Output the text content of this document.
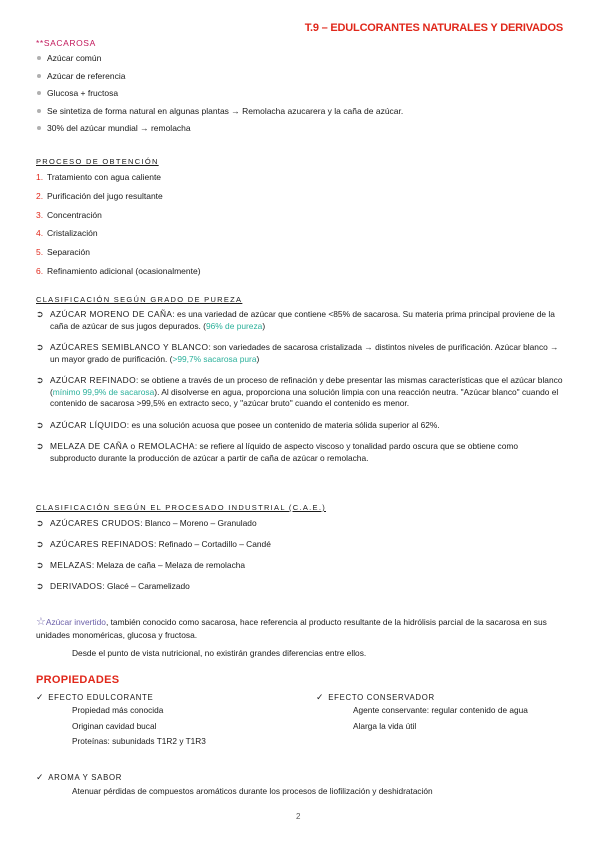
T.9 – EDULCORANTES NATURALES Y DERIVADOS
**SACAROSA
Azúcar común
Azúcar de referencia
Glucosa + fructosa
Se sintetiza de forma natural en algunas plantas → Remolacha azucarera y la caña de azúcar.
30% del azúcar mundial → remolacha
PROCESO DE OBTENCIÓN
1. Tratamiento con agua caliente
2. Purificación del jugo resultante
3. Concentración
4. Cristalización
5. Separación
6. Refinamiento adicional (ocasionalmente)
CLASIFICACIÓN SEGÚN GRADO DE PUREZA
➲ AZÚCAR MORENO DE CAÑA: es una variedad de azúcar que contiene <85% de sacarosa. Su materia prima principal proviene de la caña de azúcar de sus jugos depurados. (96% de pureza)
➲ AZÚCARES SEMIBLANCO Y BLANCO: son variedades de sacarosa cristalizada → distintos niveles de purificación. Azúcar blanco → un mayor grado de purificación. (>99,7% sacarosa pura)
➲ AZÚCAR REFINADO: se obtiene a través de un proceso de refinación y debe presentar las mismas características que el azúcar blanco (mínimo 99,9% de sacarosa). Al disolverse en agua, proporciona una solución limpia con una reacción neutra. "Azúcar blanco" cuando el contenido de sacarosa >99,5% en extracto seco, y "azúcar bruto" cuando el contenido es menor.
➲ AZÚCAR LÍQUIDO: es una solución acuosa que posee un contenido de materia sólida superior al 62%.
➲ MELAZA DE CAÑA o REMOLACHA: se refiere al líquido de aspecto viscoso y tonalidad pardo oscura que se obtiene como subproducto durante la producción de azúcar a partir de caña de azúcar o remolacha.
CLASIFICACIÓN SEGÚN EL PROCESADO INDUSTRIAL (C.A.E.)
➲ AZÚCARES CRUDOS: Blanco – Moreno – Granulado
➲ AZÚCARES REFINADOS: Refinado – Cortadillo – Candé
➲ MELAZAS: Melaza de caña – Melaza de remolacha
➲ DERIVADOS: Glacé – Caramelizado
☆Azúcar invertido, también conocido como sacarosa, hace referencia al producto resultante de la hidrólisis parcial de la sacarosa en sus unidades monoméricas, glucosa y fructosa.
Desde el punto de vista nutricional, no existirán grandes diferencias entre ellos.
PROPIEDADES
✓ EFECTO EDULCORANTE
Propiedad más conocida
Originan cavidad bucal
Proteínas: subunidads T1R2 y T1R3
✓ EFECTO CONSERVADOR
Agente conservante: regular contenido de agua
Alarga la vida útil
✓ AROMA Y SABOR
Atenuar pérdidas de compuestos aromáticos durante los procesos de liofilización y deshidratación
2
